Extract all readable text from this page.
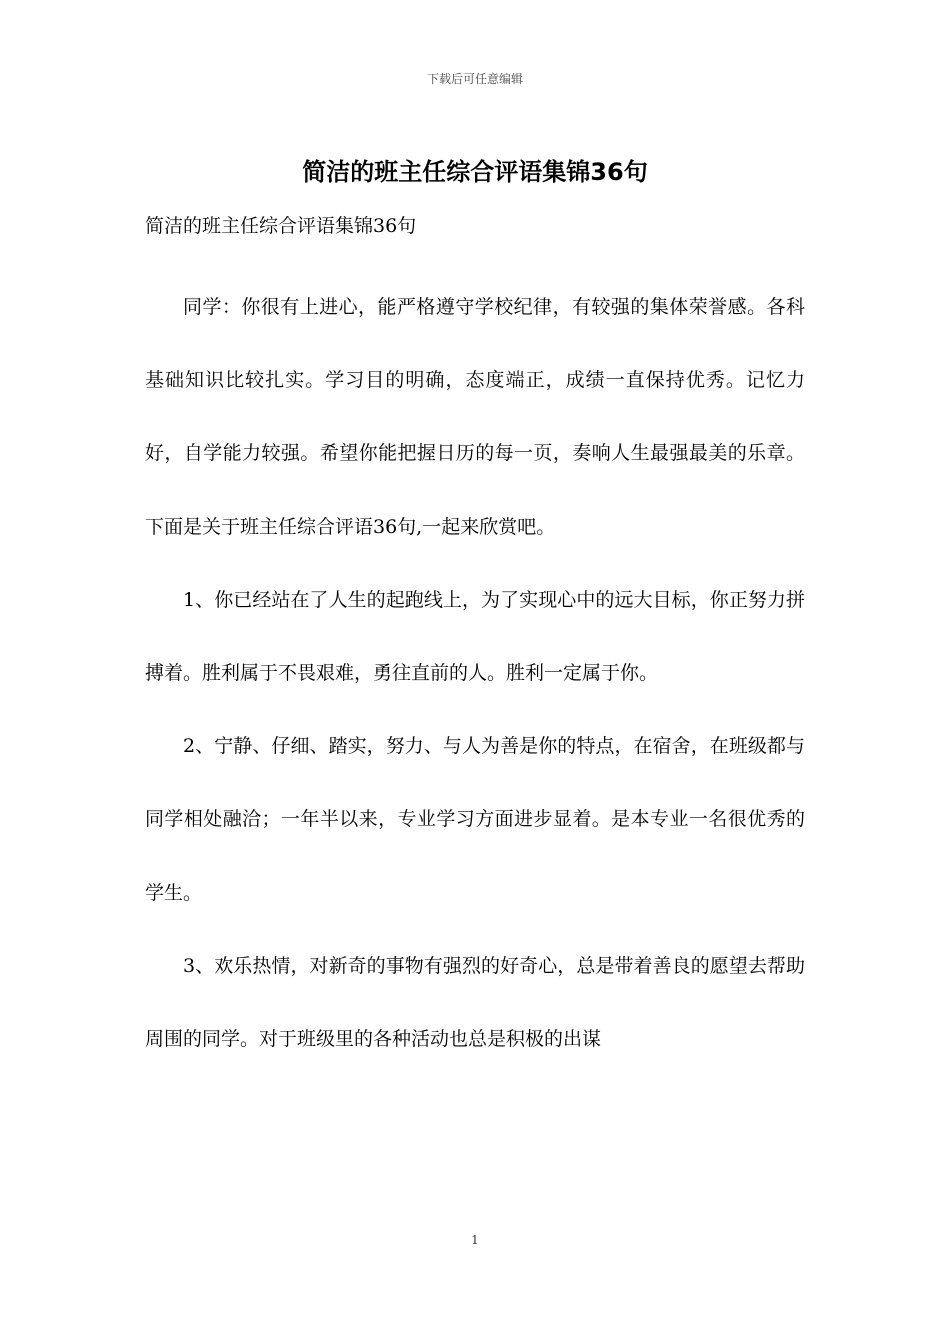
下载后可任意编辑
简洁的班主任综合评语集锦36句
简洁的班主任综合评语集锦36句

同学：你很有上进心，能严格遵守学校纪律，有较强的集体荣誉感。各科基础知识比较扎实。学习目的明确，态度端正，成绩一直保持优秀。记忆力好，自学能力较强。希望你能把握日历的每一页，奏响人生最强最美的乐章。下面是关于班主任综合评语36句,一起来欣赏吧。

1、你已经站在了人生的起跑线上，为了实现心中的远大目标，你正努力拼搏着。胜利属于不畏艰难，勇往直前的人。胜利一定属于你。

2、宁静、仔细、踏实，努力、与人为善是你的特点，在宿舍，在班级都与同学相处融洽；一年半以来，专业学习方面进步显着。是本专业一名很优秀的学生。

3、欢乐热情，对新奇的事物有强烈的好奇心，总是带着善良的愿望去帮助周围的同学。对于班级里的各种活动也总是积极的出谋

1
